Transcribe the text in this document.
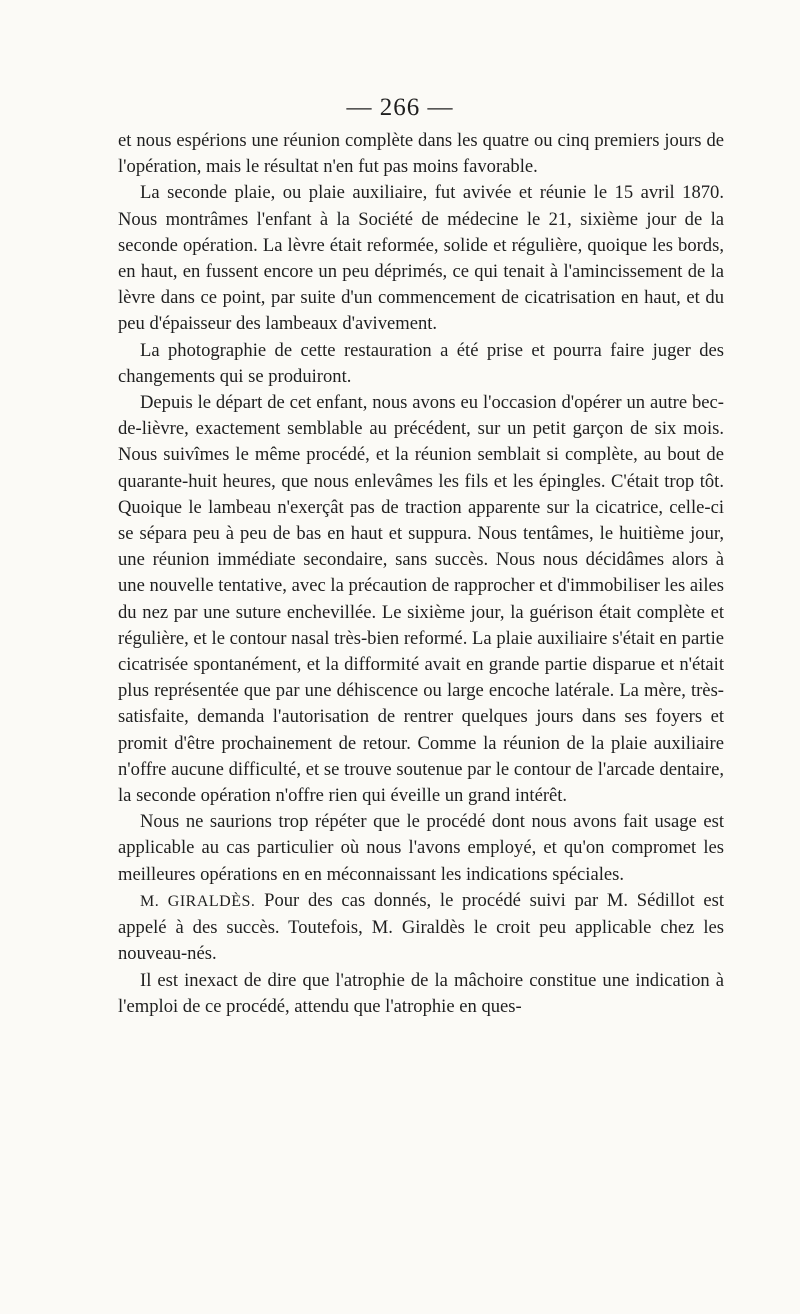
— 266 —

et nous espérions une réunion complète dans les quatre ou cinq premiers jours de l'opération, mais le résultat n'en fut pas moins favorable.

La seconde plaie, ou plaie auxiliaire, fut avivée et réunie le 15 avril 1870. Nous montrâmes l'enfant à la Société de médecine le 21, sixième jour de la seconde opération. La lèvre était reformée, solide et régulière, quoique les bords, en haut, en fussent encore un peu déprimés, ce qui tenait à l'amincissement de la lèvre dans ce point, par suite d'un commencement de cicatrisation en haut, et du peu d'épaisseur des lambeaux d'avivement.

La photographie de cette restauration a été prise et pourra faire juger des changements qui se produiront.

Depuis le départ de cet enfant, nous avons eu l'occasion d'opérer un autre bec-de-lièvre, exactement semblable au précédent, sur un petit garçon de six mois. Nous suivîmes le même procédé, et la réunion semblait si complète, au bout de quarante-huit heures, que nous enlevâmes les fils et les épingles. C'était trop tôt. Quoique le lambeau n'exerçât pas de traction apparente sur la cicatrice, celle-ci se sépara peu à peu de bas en haut et suppura. Nous tentâmes, le huitième jour, une réunion immédiate secondaire, sans succès. Nous nous décidâmes alors à une nouvelle tentative, avec la précaution de rapprocher et d'immobiliser les ailes du nez par une suture enchevillée. Le sixième jour, la guérison était complète et régulière, et le contour nasal très-bien reformé. La plaie auxiliaire s'était en partie cicatrisée spontanément, et la difformité avait en grande partie disparue et n'était plus représentée que par une déhiscence ou large encoche latérale. La mère, très-satisfaite, demanda l'autorisation de rentrer quelques jours dans ses foyers et promit d'être prochainement de retour. Comme la réunion de la plaie auxiliaire n'offre aucune difficulté, et se trouve soutenue par le contour de l'arcade dentaire, la seconde opération n'offre rien qui éveille un grand intérêt.

Nous ne saurions trop répéter que le procédé dont nous avons fait usage est applicable au cas particulier où nous l'avons employé, et qu'on compromet les meilleures opérations en en méconnaissant les indications spéciales.

M. GIRALDÈS. Pour des cas donnés, le procédé suivi par M. Sédillot est appelé à des succès. Toutefois, M. Giraldès le croit peu applicable chez les nouveau-nés.

Il est inexact de dire que l'atrophie de la mâchoire constitue une indication à l'emploi de ce procédé, attendu que l'atrophie en ques-
